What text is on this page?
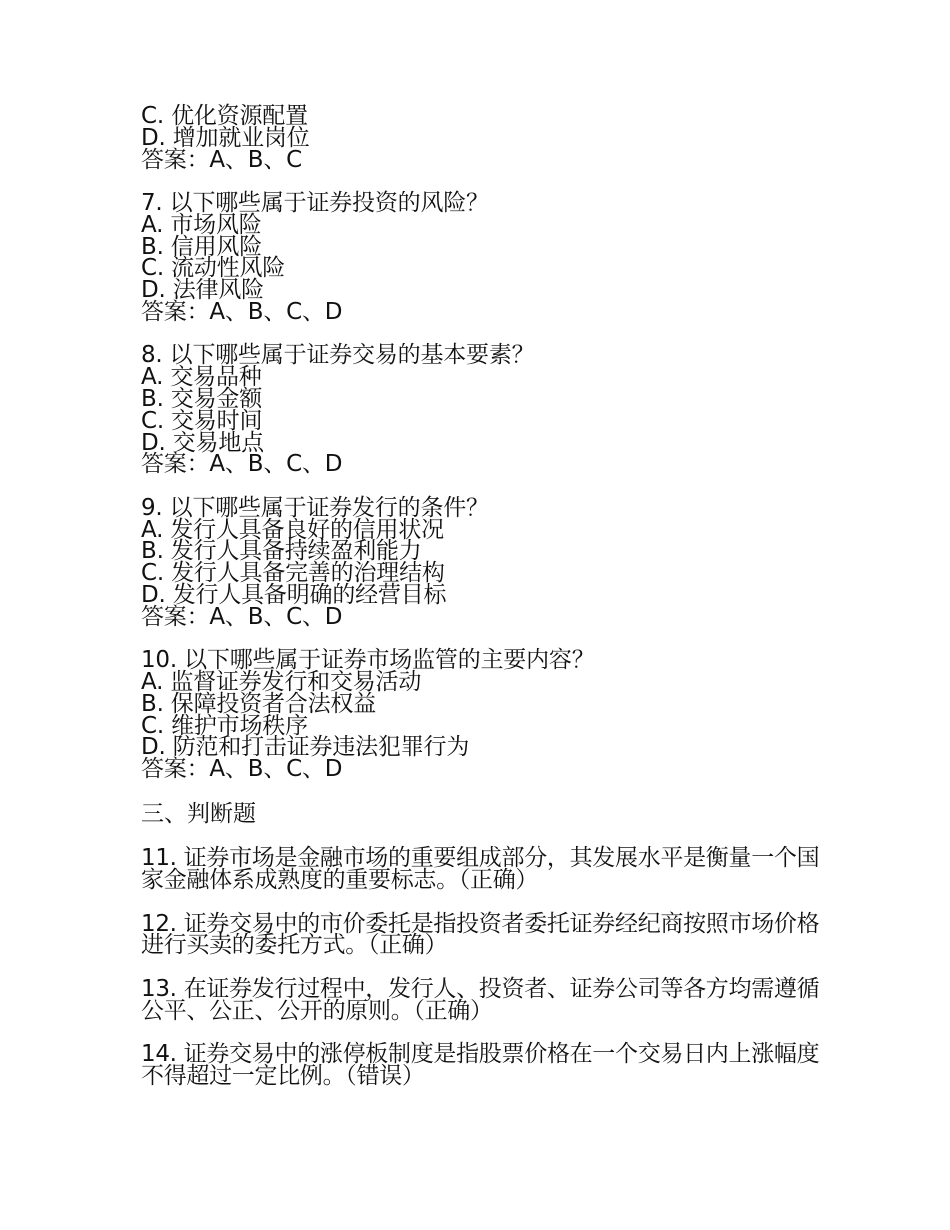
C. 优化资源配置
D. 增加就业岗位
答案：A、B、C
7. 以下哪些属于证券投资的风险？
A. 市场风险
B. 信用风险
C. 流动性风险
D. 法律风险
答案：A、B、C、D
8. 以下哪些属于证券交易的基本要素？
A. 交易品种
B. 交易金额
C. 交易时间
D. 交易地点
答案：A、B、C、D
9. 以下哪些属于证券发行的条件？
A. 发行人具备良好的信用状况
B. 发行人具备持续盈利能力
C. 发行人具备完善的治理结构
D. 发行人具备明确的经营目标
答案：A、B、C、D
10. 以下哪些属于证券市场监管的主要内容？
A. 监督证券发行和交易活动
B. 保障投资者合法权益
C. 维护市场秩序
D. 防范和打击证券违法犯罪行为
答案：A、B、C、D
三、判断题
11. 证券市场是金融市场的重要组成部分，其发展水平是衡量一个国家金融体系成熟度的重要标志。（正确）
12. 证券交易中的市价委托是指投资者委托证券经纪商按照市场价格进行买卖的委托方式。（正确）
13. 在证券发行过程中，发行人、投资者、证券公司等各方均需遵循公平、公正、公开的原则。（正确）
14. 证券交易中的涨停板制度是指股票价格在一个交易日内上涨幅度不得超过一定比例。（错误）
